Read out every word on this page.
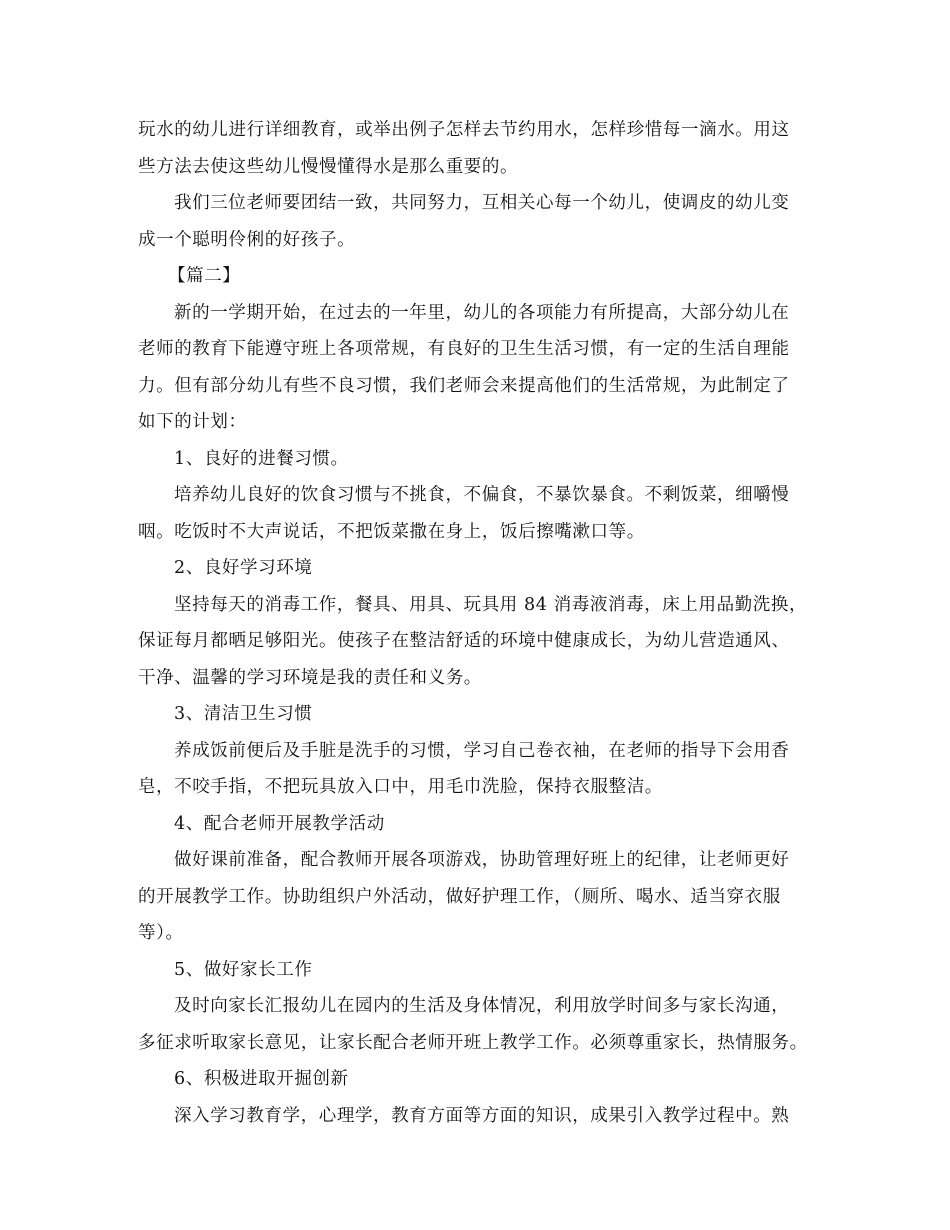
玩水的幼儿进行详细教育，或举出例子怎样去节约用水，怎样珍惜每一滴水。用这
些方法去使这些幼儿慢慢懂得水是那么重要的。
我们三位老师要团结一致，共同努力，互相关心每一个幼儿，使调皮的幼儿变
成一个聪明伶俐的好孩子。
【篇二】
新的一学期开始，在过去的一年里，幼儿的各项能力有所提高，大部分幼儿在
老师的教育下能遵守班上各项常规，有良好的卫生生活习惯，有一定的生活自理能
力。但有部分幼儿有些不良习惯，我们老师会来提高他们的生活常规，为此制定了
如下的计划：
1、良好的进餐习惯。
培养幼儿良好的饮食习惯与不挑食，不偏食，不暴饮暴食。不剩饭菜，细嚼慢
咽。吃饭时不大声说话，不把饭菜撒在身上，饭后擦嘴漱口等。
2、良好学习环境
坚持每天的消毒工作，餐具、用具、玩具用 84 消毒液消毒，床上用品勤洗换，
保证每月都晒足够阳光。使孩子在整洁舒适的环境中健康成长，为幼儿营造通风、
干净、温馨的学习环境是我的责任和义务。
3、清洁卫生习惯
养成饭前便后及手脏是洗手的习惯，学习自己卷衣袖，在老师的指导下会用香
皂，不咬手指，不把玩具放入口中，用毛巾洗脸，保持衣服整洁。
4、配合老师开展教学活动
做好课前准备，配合教师开展各项游戏，协助管理好班上的纪律，让老师更好
的开展教学工作。协助组织户外活动，做好护理工作，（厕所、喝水、适当穿衣服
等）。
5、做好家长工作
及时向家长汇报幼儿在园内的生活及身体情况，利用放学时间多与家长沟通，
多征求听取家长意见，让家长配合老师开班上教学工作。必须尊重家长，热情服务。
6、积极进取开掘创新
深入学习教育学，心理学，教育方面等方面的知识，成果引入教学过程中。熟
